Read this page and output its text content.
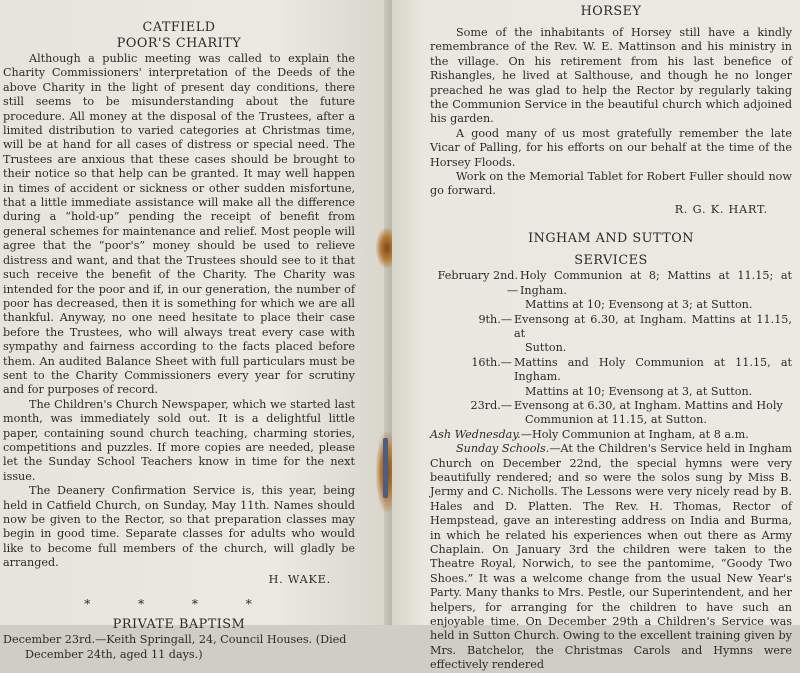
CATFIELD
POOR'S CHARITY

Although a public meeting was called to explain the Charity Commissioners' interpretation of the Deeds of the above Charity in the light of present day conditions, there still seems to be misunderstanding about the future procedure. All money at the disposal of the Trustees, after a limited distribution to varied categories at Christmas time, will be at hand for all cases of distress or special need. The Trustees are anxious that these cases should be brought to their notice so that help can be granted. It may well happen in times of accident or sickness or other sudden misfortune, that a little immediate assistance will make all the difference during a “hold-up” pending the receipt of benefit from general schemes for maintenance and relief. Most people will agree that the “poor's” money should be used to relieve distress and want, and that the Trustees should see to it that such receive the benefit of the Charity. The Charity was intended for the poor and if, in our generation, the number of poor has decreased, then it is something for which we are all thankful. Anyway, no one need hesitate to place their case before the Trustees, who will always treat every case with sympathy and fairness according to the facts placed before them. An audited Balance Sheet with full particulars must be sent to the Charity Commissioners every year for scrutiny and for purposes of record.

The Children's Church Newspaper, which we started last month, was immediately sold out. It is a delightful little paper, containing sound church teaching, charming stories, competitions and puzzles. If more copies are needed, please let the Sunday School Teachers know in time for the next issue.

The Deanery Confirmation Service is, this year, being held in Catfield Church, on Sunday, May 11th. Names should now be given to the Rector, so that preparation classes may begin in good time. Separate classes for adults who would like to become full members of the church, will gladly be arranged.

H. WAKE.

* * * *
PRIVATE BAPTISM

December 23rd.—Keith Springall, 24, Council Houses. (Died December 24th, aged 11 days.)

HORSEY

Some of the inhabitants of Horsey still have a kindly remembrance of the Rev. W. E. Mattinson and his ministry in the village. On his retirement from his last benefice of Rishangles, he lived at Salthouse, and though he no longer preached he was glad to help the Rector by regularly taking the Communion Service in the beautiful church which adjoined his garden.

A good many of us most gratefully remember the late Vicar of Palling, for his efforts on our behalf at the time of the Horsey Floods.

Work on the Memorial Tablet for Robert Fuller should now go forward.

R. G. K. HART.

INGHAM AND SUTTON
SERVICES
February 2nd.—
Holy Communion at 8; Mattins at 11.15; at Ingham.
Mattins at 10; Evensong at 3; at Sutton.
9th.— Evensong at 6.30, at Ingham. Mattins at 11.15, at
Sutton.
16th.— Mattins and Holy Communion at 11.15, at Ingham.
Mattins at 10; Evensong at 3, at Sutton.
23rd.— Evensong at 6.30, at Ingham. Mattins and Holy
Communion at 11.15, at Sutton.

Ash Wednesday.—Holy Communion at Ingham, at 8 a.m.

Sunday Schools.—At the Children's Service held in Ingham Church on December 22nd, the special hymns were very beautifully rendered; and so were the solos sung by Miss B. Jermy and C. Nicholls. The Lessons were very nicely read by B. Hales and D. Platten. The Rev. H. Thomas, Rector of Hempstead, gave an interesting address on India and Burma, in which he related his experiences when out there as Army Chaplain. On January 3rd the children were taken to the Theatre Royal, Norwich, to see the pantomime, “Goody Two Shoes.” It was a welcome change from the usual New Year's Party. Many thanks to Mrs. Pestle, our Superintendent, and her helpers, for arranging for the children to have such an enjoyable time. On December 29th a Children's Service was held in Sutton Church. Owing to the excellent training given by Mrs. Batchelor, the Christmas Carols and Hymns were effectively rendered
